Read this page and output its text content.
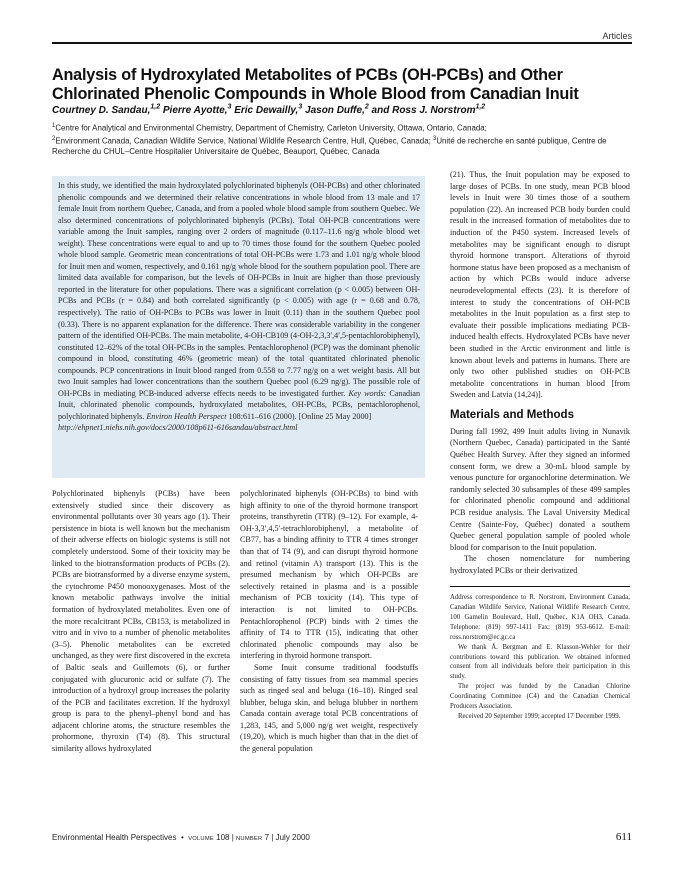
Articles
Analysis of Hydroxylated Metabolites of PCBs (OH-PCBs) and Other Chlorinated Phenolic Compounds in Whole Blood from Canadian Inuit
Courtney D. Sandau,$^{1,2}$ Pierre Ayotte,$^3$ Eric Dewailly,$^3$ Jason Duffe,$^2$ and Ross J. Norstrom$^{1,2}$
$^1$Centre for Analytical and Environmental Chemistry, Department of Chemistry, Carleton University, Ottawa, Ontario, Canada;
$^2$Environment Canada, Canadian Wildlife Service, National Wildlife Research Centre, Hull, Québec, Canada; $^3$Unité de recherche en santé publique, Centre de Recherche du CHUL–Centre Hospitalier Universitaire de Québec, Beauport, Québec, Canada

In this study, we identified the main hydroxylated polychlorinated biphenyls (OH-PCBs) and other chlorinated phenolic compounds and we determined their relative concentrations in whole blood from 13 male and 17 female Inuit from northern Quebec, Canada, and from a pooled whole blood sample from southern Quebec. We also determined concentrations of polychlorinated biphenyls (PCBs). Total OH-PCB concentrations were variable among the Inuit samples, ranging over 2 orders of magnitude (0.117–11.6 ng/g whole blood wet weight). These concentrations were equal to and up to 70 times those found for the southern Quebec pooled whole blood sample. Geometric mean concentrations of total OH-PCBs were 1.73 and 1.01 ng/g whole blood for Inuit men and women, respectively, and 0.161 ng/g whole blood for the southern population pool. There are limited data available for comparison, but the levels of OH-PCBs in Inuit are higher than those previously reported in the literature for other populations. There was a significant correlation (p < 0.005) between OH-PCBs and PCBs (r = 0.84) and both correlated significantly (p < 0.005) with age (r = 0.68 and 0.78, respectively). The ratio of OH-PCBs to PCBs was lower in Inuit (0.11) than in the southern Quebec pool (0.33). There is no apparent explanation for the difference. There was considerable variability in the congener pattern of the identified OH-PCBs. The main metabolite, 4-OH-CB109 (4-OH-2,3,3′,4′,5-pentachlorobiphenyl), constituted 12–62% of the total OH-PCBs in the samples. Pentachlorophenol (PCP) was the dominant phenolic compound in blood, constituting 46% (geometric mean) of the total quantitated chlorinated phenolic compounds. PCP concentrations in Inuit blood ranged from 0.558 to 7.77 ng/g on a wet weight basis. All but two Inuit samples had lower concentrations than the southern Quebec pool (6.29 ng/g). The possible role of OH-PCBs in mediating PCB-induced adverse effects needs to be investigated further. Key words: Canadian Inuit, chlorinated phenolic compounds, hydroxylated metabolites, OH-PCBs, PCBs, pentachlorophenol, polychlorinated biphenyls. Environ Health Perspect 108:611–616 (2000). [Online 25 May 2000]

http://ehpnet1.niehs.nih.gov/docs/2000/108p611-616sandau/abstract.html

Polychlorinated biphenyls (PCBs) have been extensively studied since their discovery as environmental pollutants over 30 years ago (1). Their persistence in biota is well known but the mechanism of their adverse effects on biologic systems is still not completely understood. Some of their toxicity may be linked to the biotransformation products of PCBs (2). PCBs are biotransformed by a diverse enzyme system, the cytochrome P450 monooxygenases. Most of the known metabolic pathways involve the initial formation of hydroxylated metabolites. Even one of the more recalcitrant PCBs, CB153, is metabolized in vitro and in vivo to a number of phenolic metabolites (3–5). Phenolic metabolites can be excreted unchanged, as they were first discovered in the excreta of Baltic seals and Guillemots (6), or further conjugated with glucuronic acid or sulfate (7). The introduction of a hydroxyl group increases the polarity of the PCB and facilitates excretion. If the hydroxyl group is para to the phenyl–phenyl bond and has adjacent chlorine atoms, the structure resembles the prohormone, thyroxin (T4) (8). This structural similarity allows hydroxylated

polychlorinated biphenyls (OH-PCBs) to bind with high affinity to one of the thyroid hormone transport proteins, transthyretin (TTR) (9–12). For example, 4-OH-3,3′,4,5′-tetrachlorobiphenyl, a metabolite of CB77, has a binding affinity to TTR 4 times stronger than that of T4 (9), and can disrupt thyroid hormone and retinol (vitamin A) transport (13). This is the presumed mechanism by which OH-PCBs are selectively retained in plasma and is a possible mechanism of PCB toxicity (14). This type of interaction is not limited to OH-PCBs. Pentachlorophenol (PCP) binds with 2 times the affinity of T4 to TTR (15), indicating that other chlorinated phenolic compounds may also be interfering in thyroid hormone transport.

Some Inuit consume traditional foodstuffs consisting of fatty tissues from sea mammal species such as ringed seal and beluga (16–18). Ringed seal blubber, beluga skin, and beluga blubber in northern Canada contain average total PCB concentrations of 1,283, 145, and 5,000 ng/g wet weight, respectively (19,20), which is much higher than that in the diet of the general population

(21). Thus, the Inuit population may be exposed to large doses of PCBs. In one study, mean PCB blood levels in Inuit were 30 times those of a southern population (22). An increased PCB body burden could result in the increased formation of metabolites due to induction of the P450 system. Increased levels of metabolites may be significant enough to disrupt thyroid hormone transport. Alterations of thyroid hormone status have been proposed as a mechanism of action by which PCBs would induce adverse neurodevelopmental effects (23). It is therefore of interest to study the concentrations of OH-PCB metabolites in the Inuit population as a first step to evaluate their possible implications mediating PCB-induced health effects. Hydroxylated PCBs have never been studied in the Arctic environment and little is known about levels and patterns in humans. There are only two other published studies on OH-PCB metabolite concentrations in human blood [from Sweden and Latvia (14,24)].

Materials and Methods

During fall 1992, 499 Inuit adults living in Nunavik (Northern Quebec, Canada) participated in the Santé Québec Health Survey. After they signed an informed consent form, we drew a 30-mL blood sample by venous puncture for organochlorine determination. We randomly selected 30 subsamples of these 499 samples for chlorinated phenolic compound and additional PCB residue analysis. The Laval University Medical Centre (Sainte-Foy, Québec) donated a southern Quebec general population sample of pooled whole blood for comparison to the Inuit population.

The chosen nomenclature for numbering hydroxylated PCBs or their derivatized

Address correspondence to R. Norstrom, Environment Canada, Canadian Wildlife Service, National Wildlife Research Centre, 100 Gamelin Boulevard, Hull, Québec, K1A OH3, Canada. Telephone: (819) 997-1411 Fax: (819) 953-6612. E-mail: ross.norstrom@ec.gc.ca

We thank Å. Bergman and E. Klasson-Wehler for their contributions toward this publication. We obtained informed consent from all individuals before their participation in this study.

The project was funded by the Canadian Chlorine Coordinating Committee (C4) and the Canadian Chemical Producers Association.

Received 20 September 1999; accepted 17 December 1999.

Environmental Health Perspectives • VOLUME 108 | NUMBER 7 | July 2000	611
